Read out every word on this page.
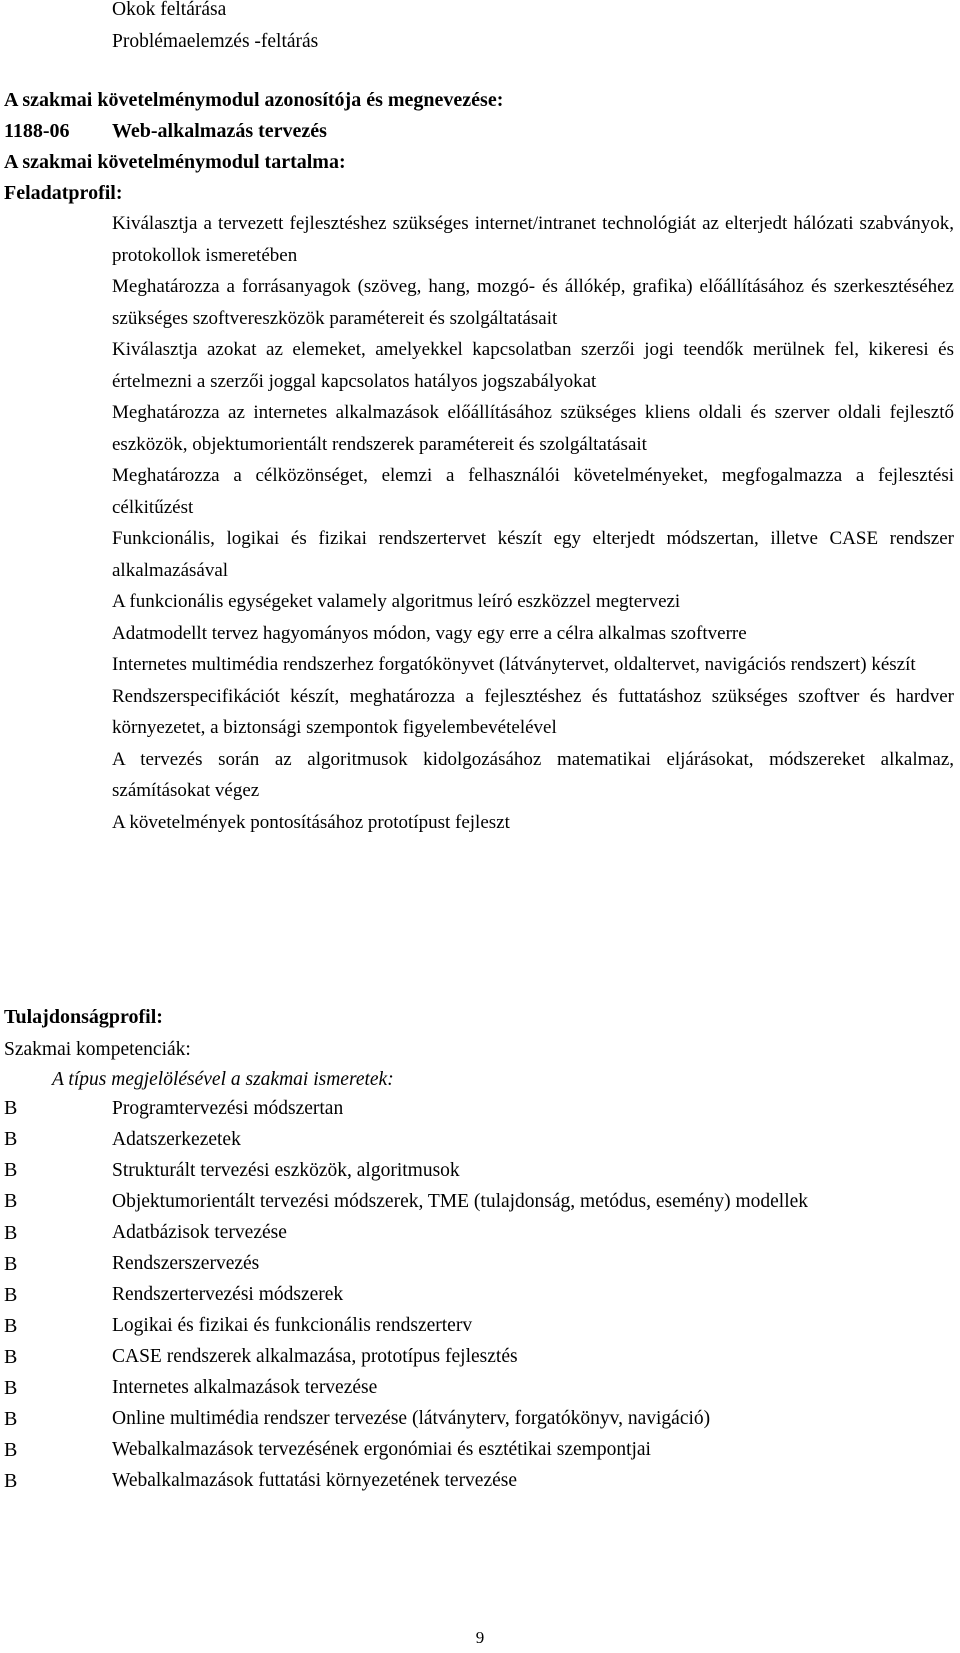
Okok feltárása
Problémaelemzés -feltárás
A szakmai követelménymodul azonosítója és megnevezése:
1188-06	Web-alkalmazás tervezés
A szakmai követelménymodul tartalma:
Feladatprofil:
Kiválasztja a tervezett fejlesztéshez szükséges internet/intranet technológiát az elterjedt hálózati szabványok, protokollok ismeretében
Meghatározza a forrásanyagok (szöveg, hang, mozgó- és állókép, grafika) előállításához és szerkesztéséhez szükséges szoftvereszközök paramétereit és szolgáltatásait
Kiválasztja azokat az elemeket, amelyekkel kapcsolatban szerzői jogi teendők merülnek fel, kikeresi és értelmezni a szerzői joggal kapcsolatos hatályos jogszabályokat
Meghatározza az internetes alkalmazások előállításához szükséges kliens oldali és szerver oldali fejlesztő eszközök, objektumorientált rendszerek paramétereit és szolgáltatásait
Meghatározza a célközönséget, elemzi a felhasználói követelményeket, megfogalmazza a fejlesztési célkitűzést
Funkcionális, logikai és fizikai rendszertervet készít egy elterjedt módszertan, illetve CASE rendszer alkalmazásával
A funkcionális egységeket valamely algoritmus leíró eszközzel megtervezi
Adatmodellt tervez hagyományos módon, vagy egy erre a célra alkalmas szoftverre
Internetes multimédia rendszerhez forgatókönyvet (látványtervet, oldaltervet, navigációs rendszert) készít
Rendszerspecifikációt készít, meghatározza a fejlesztéshez és futtatáshoz szükséges szoftver és hardver környezetet, a biztonsági szempontok figyelembevételével
A tervezés során az algoritmusok kidolgozásához matematikai eljárásokat, módszereket alkalmaz, számításokat végez
A követelmények pontosításához prototípust fejleszt
Tulajdonságprofil:
Szakmai kompetenciák:
A típus megjelölésével a szakmai ismeretek:
B	Programtervezési módszertan
B	Adatszerkezetek
B	Strukturált tervezési eszközök, algoritmusok
B	Objektumorientált tervezési módszerek, TME (tulajdonság, metódus, esemény) modellek
B	Adatbázisok tervezése
B	Rendszerszervezés
B	Rendszertervezési módszerek
B	Logikai és fizikai és funkcionális rendszerterv
B	CASE rendszerek alkalmazása, prototípus fejlesztés
B	Internetes alkalmazások tervezése
B	Online multimédia rendszer tervezése (látványterv, forgatókönyv, navigáció)
B	Webalkalmazások tervezésének ergonómiai és esztétikai szempontjai
B	Webalkalmazások futtatási környezetének tervezése
9
